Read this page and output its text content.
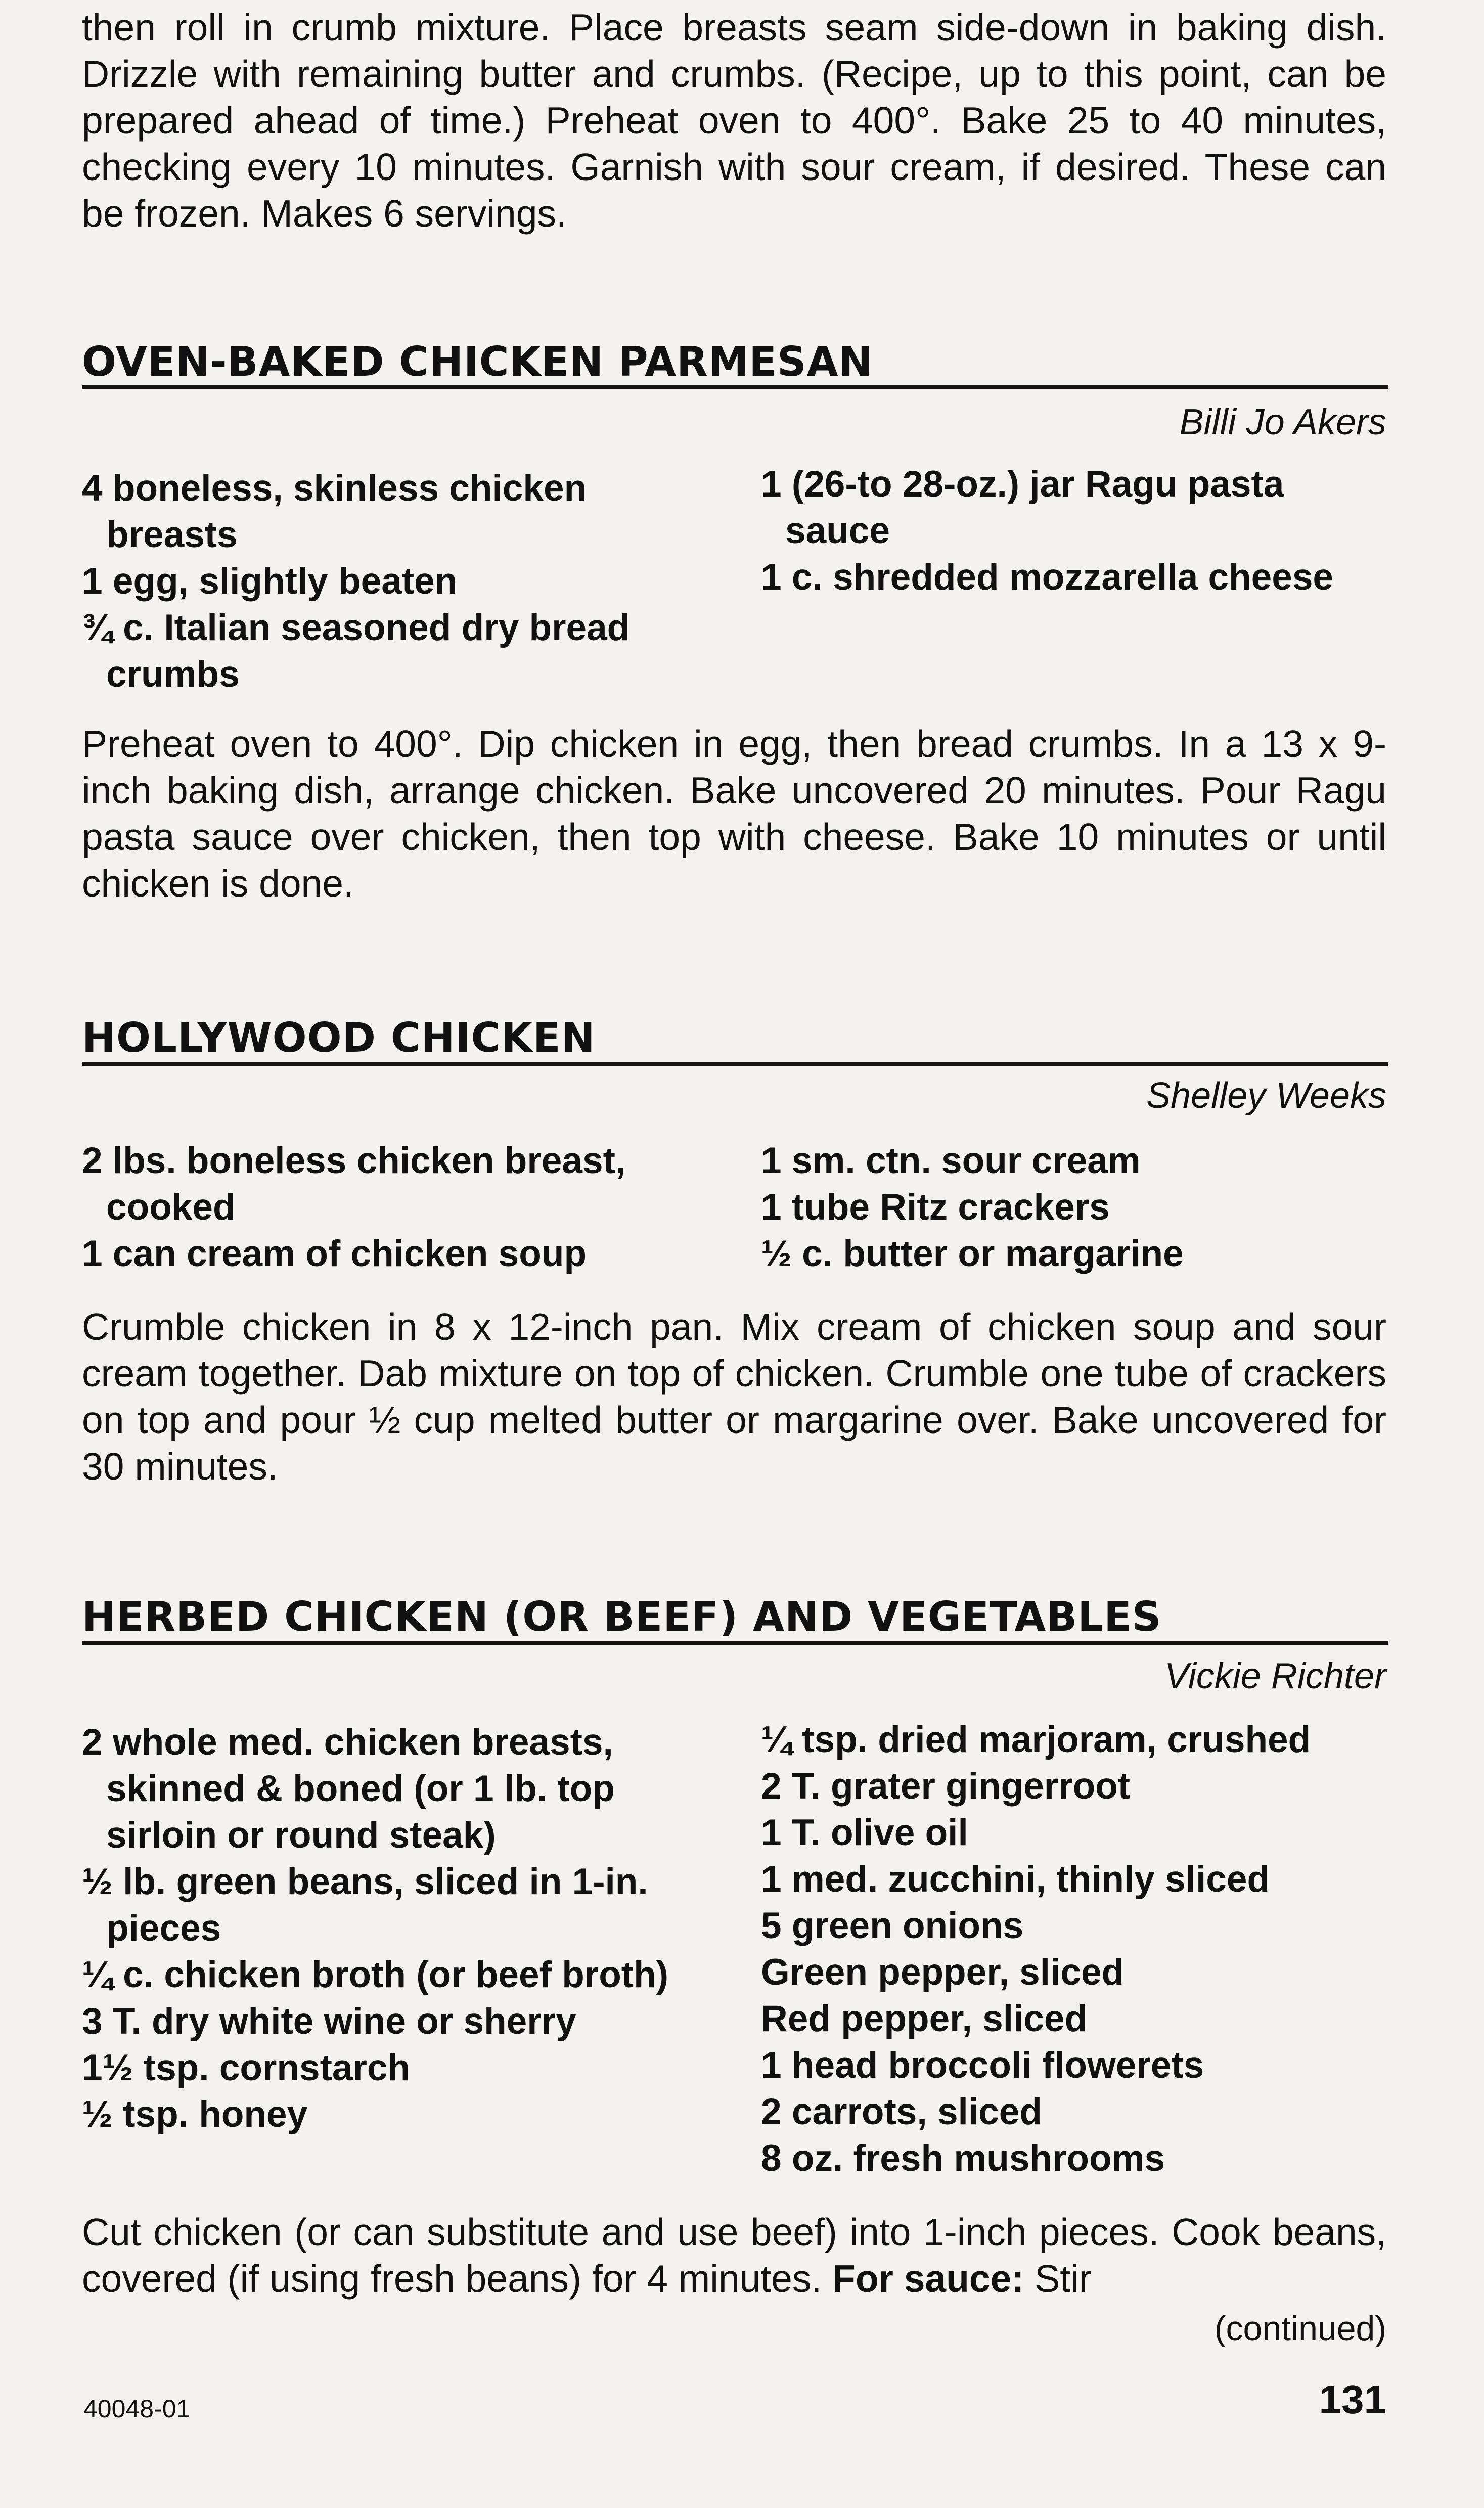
then roll in crumb mixture. Place breasts seam side-down in baking dish. Drizzle with remaining butter and crumbs. (Recipe, up to this point, can be prepared ahead of time.) Preheat oven to 400°. Bake 25 to 40 minutes, checking every 10 minutes. Garnish with sour cream, if desired. These can be frozen. Makes 6 servings.
OVEN-BAKED CHICKEN PARMESAN
Billi Jo Akers
4 boneless, skinless chicken breasts
1 egg, slightly beaten
¾ c. Italian seasoned dry bread crumbs
1 (26-to 28-oz.) jar Ragu pasta sauce
1 c. shredded mozzarella cheese
Preheat oven to 400°. Dip chicken in egg, then bread crumbs. In a 13 x 9-inch baking dish, arrange chicken. Bake uncovered 20 minutes. Pour Ragu pasta sauce over chicken, then top with cheese. Bake 10 minutes or until chicken is done.
HOLLYWOOD CHICKEN
Shelley Weeks
2 lbs. boneless chicken breast, cooked
1 can cream of chicken soup
1 sm. ctn. sour cream
1 tube Ritz crackers
½ c. butter or margarine
Crumble chicken in 8 x 12-inch pan. Mix cream of chicken soup and sour cream together. Dab mixture on top of chicken. Crumble one tube of crackers on top and pour ½ cup melted butter or margarine over. Bake uncovered for 30 minutes.
HERBED CHICKEN (OR BEEF) AND VEGETABLES
Vickie Richter
2 whole med. chicken breasts, skinned & boned (or 1 lb. top sirloin or round steak)
½ lb. green beans, sliced in 1-in. pieces
¼ c. chicken broth (or beef broth)
3 T. dry white wine or sherry
1½ tsp. cornstarch
½ tsp. honey
¼ tsp. dried marjoram, crushed
2 T. grater gingerroot
1 T. olive oil
1 med. zucchini, thinly sliced
5 green onions
Green pepper, sliced
Red pepper, sliced
1 head broccoli flowerets
2 carrots, sliced
8 oz. fresh mushrooms
Cut chicken (or can substitute and use beef) into 1-inch pieces. Cook beans, covered (if using fresh beans) for 4 minutes. For sauce: Stir
(continued)
40048-01	131
